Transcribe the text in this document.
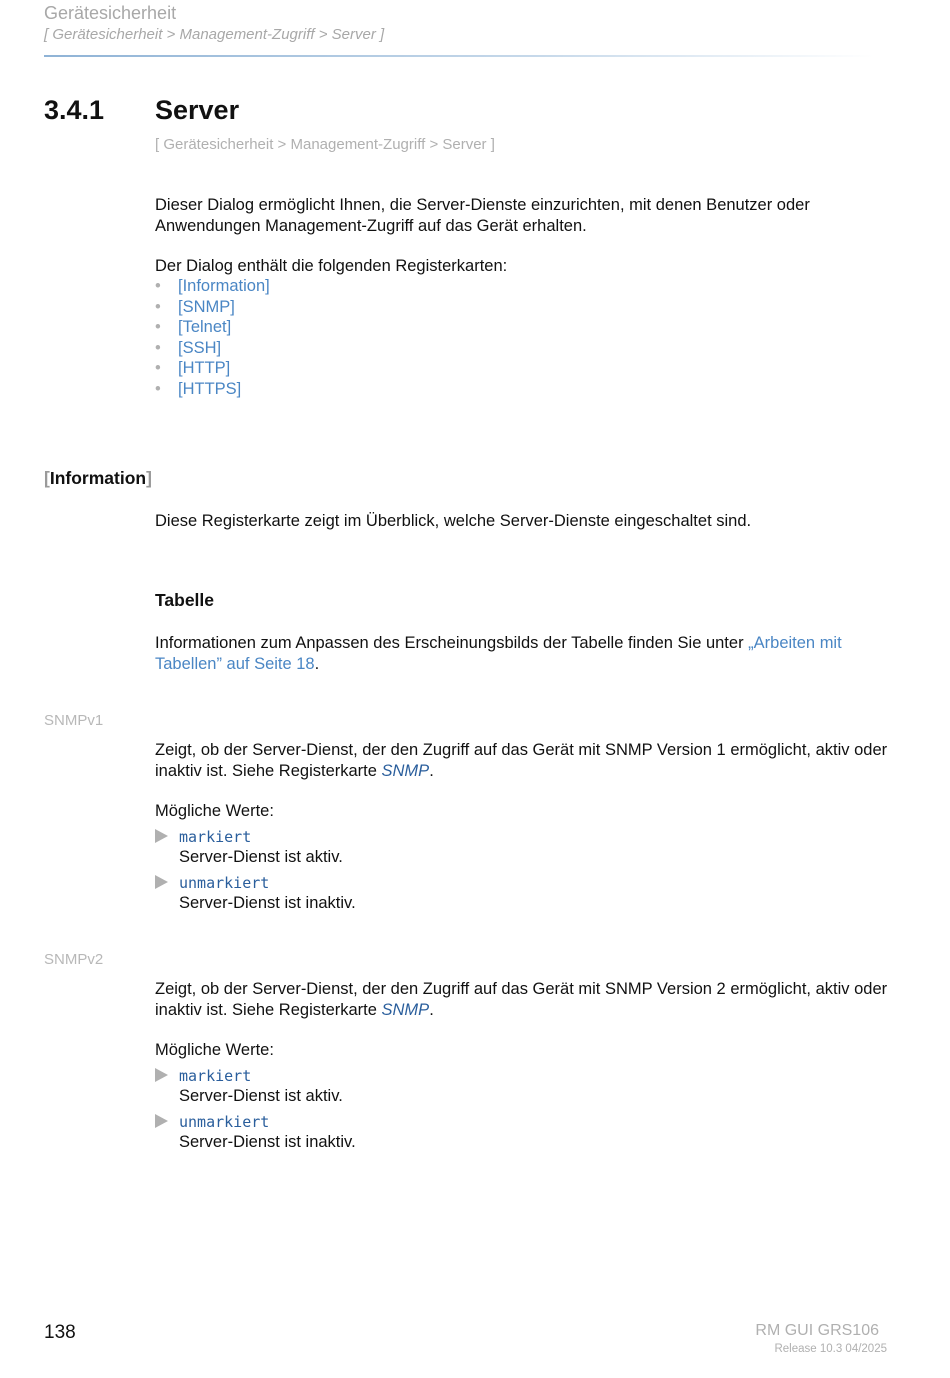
Gerätesicherheit
[ Gerätesicherheit > Management-Zugriff > Server ]
3.4.1 Server
[ Gerätesicherheit > Management-Zugriff > Server ]
Dieser Dialog ermöglicht Ihnen, die Server-Dienste einzurichten, mit denen Benutzer oder Anwendungen Management-Zugriff auf das Gerät erhalten.
Der Dialog enthält die folgenden Registerkarten:
• [Information]
• [SNMP]
• [Telnet]
• [SSH]
• [HTTP]
• [HTTPS]
[Information]
Diese Registerkarte zeigt im Überblick, welche Server-Dienste eingeschaltet sind.
Tabelle
Informationen zum Anpassen des Erscheinungsbilds der Tabelle finden Sie unter „Arbeiten mit Tabellen” auf Seite 18.
SNMPv1
Zeigt, ob der Server-Dienst, der den Zugriff auf das Gerät mit SNMP Version 1 ermöglicht, aktiv oder inaktiv ist. Siehe Registerkarte SNMP.
Mögliche Werte:
markiert
Server-Dienst ist aktiv.
unmarkiert
Server-Dienst ist inaktiv.
SNMPv2
Zeigt, ob der Server-Dienst, der den Zugriff auf das Gerät mit SNMP Version 2 ermöglicht, aktiv oder inaktiv ist. Siehe Registerkarte SNMP.
Mögliche Werte:
markiert
Server-Dienst ist aktiv.
unmarkiert
Server-Dienst ist inaktiv.
138	RM GUI GRS106
Release 10.3 04/2025
